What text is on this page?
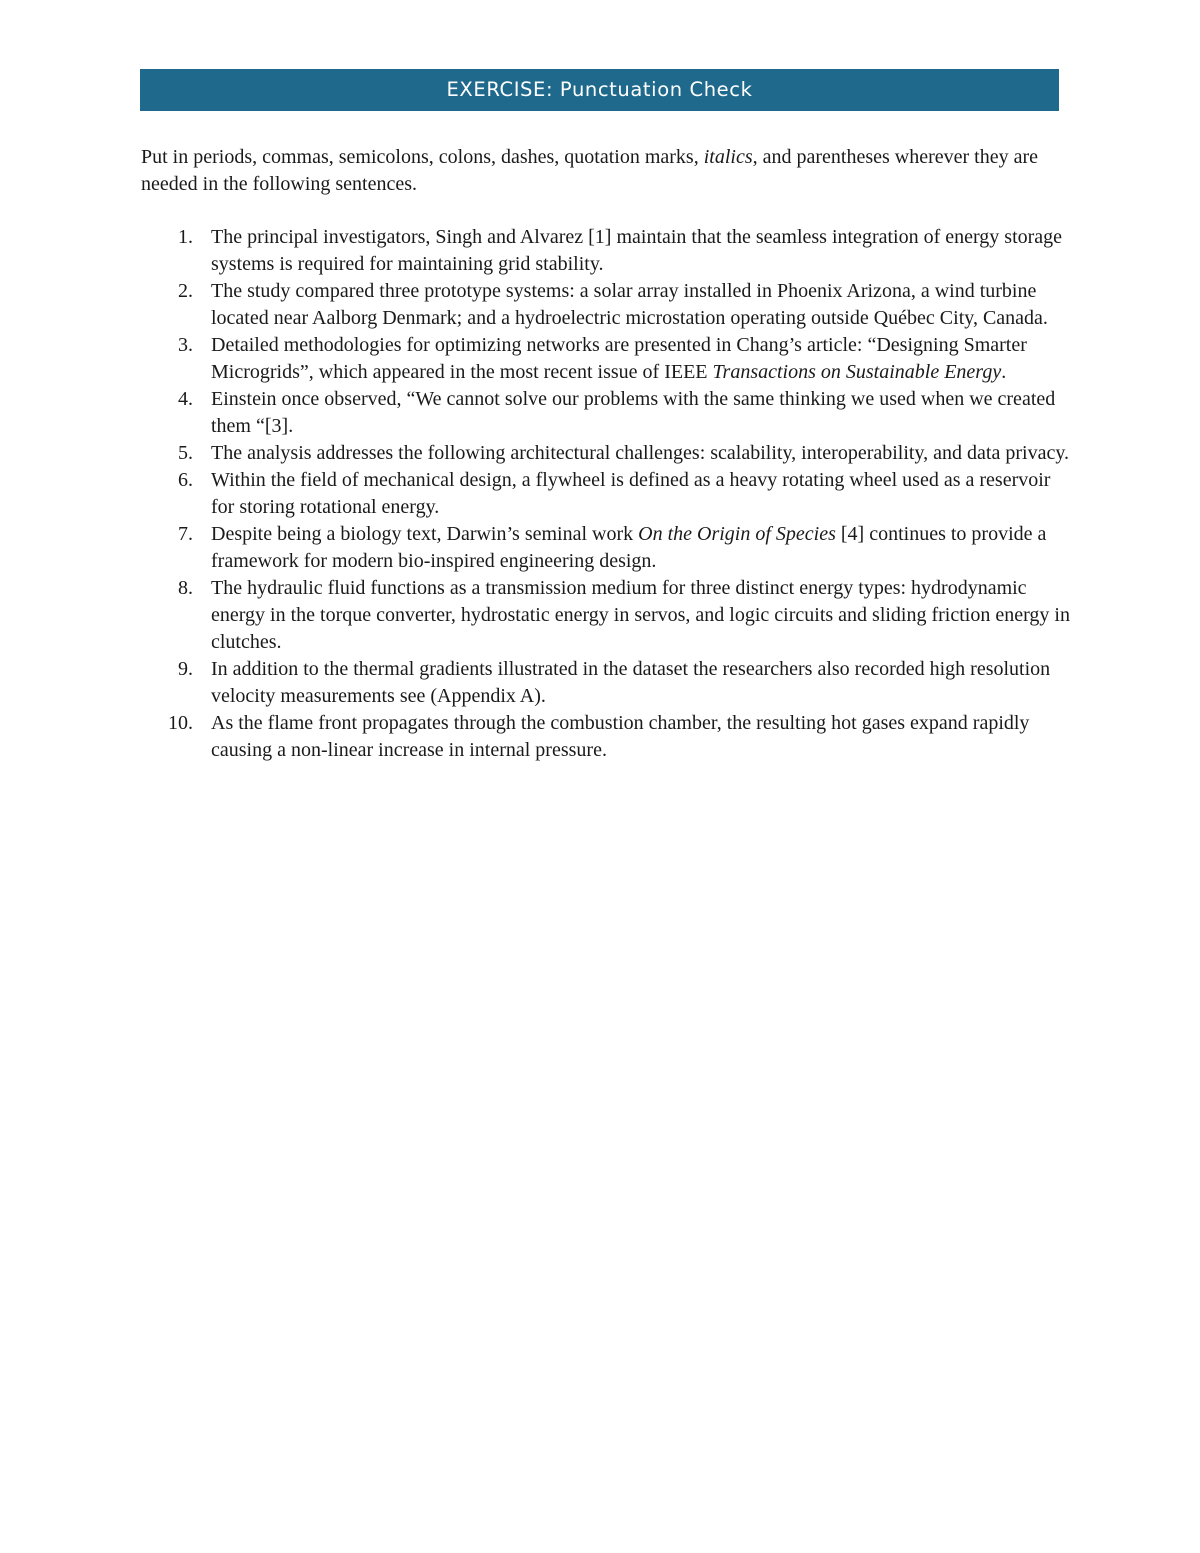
EXERCISE: Punctuation Check

Put in periods, commas, semicolons, colons, dashes, quotation marks, italics, and parentheses wherever they are needed in the following sentences.

1. The principal investigators, Singh and Alvarez [1] maintain that the seamless integration of energy storage systems is required for maintaining grid stability.
2. The study compared three prototype systems: a solar array installed in Phoenix Arizona, a wind turbine located near Aalborg Denmark; and a hydroelectric microstation operating outside Québec City, Canada.
3. Detailed methodologies for optimizing networks are presented in Chang’s article: “Designing Smarter Microgrids”, which appeared in the most recent issue of IEEE Transactions on Sustainable Energy.
4. Einstein once observed, “We cannot solve our problems with the same thinking we used when we created them “[3].
5. The analysis addresses the following architectural challenges: scalability, interoperability, and data privacy.
6. Within the field of mechanical design, a flywheel is defined as a heavy rotating wheel used as a reservoir for storing rotational energy.
7. Despite being a biology text, Darwin’s seminal work On the Origin of Species [4] continues to provide a framework for modern bio-inspired engineering design.
8. The hydraulic fluid functions as a transmission medium for three distinct energy types: hydrodynamic energy in the torque converter, hydrostatic energy in servos, and logic circuits and sliding friction energy in clutches.
9. In addition to the thermal gradients illustrated in the dataset the researchers also recorded high resolution velocity measurements see (Appendix A).
10. As the flame front propagates through the combustion chamber, the resulting hot gases expand rapidly causing a non-linear increase in internal pressure.
